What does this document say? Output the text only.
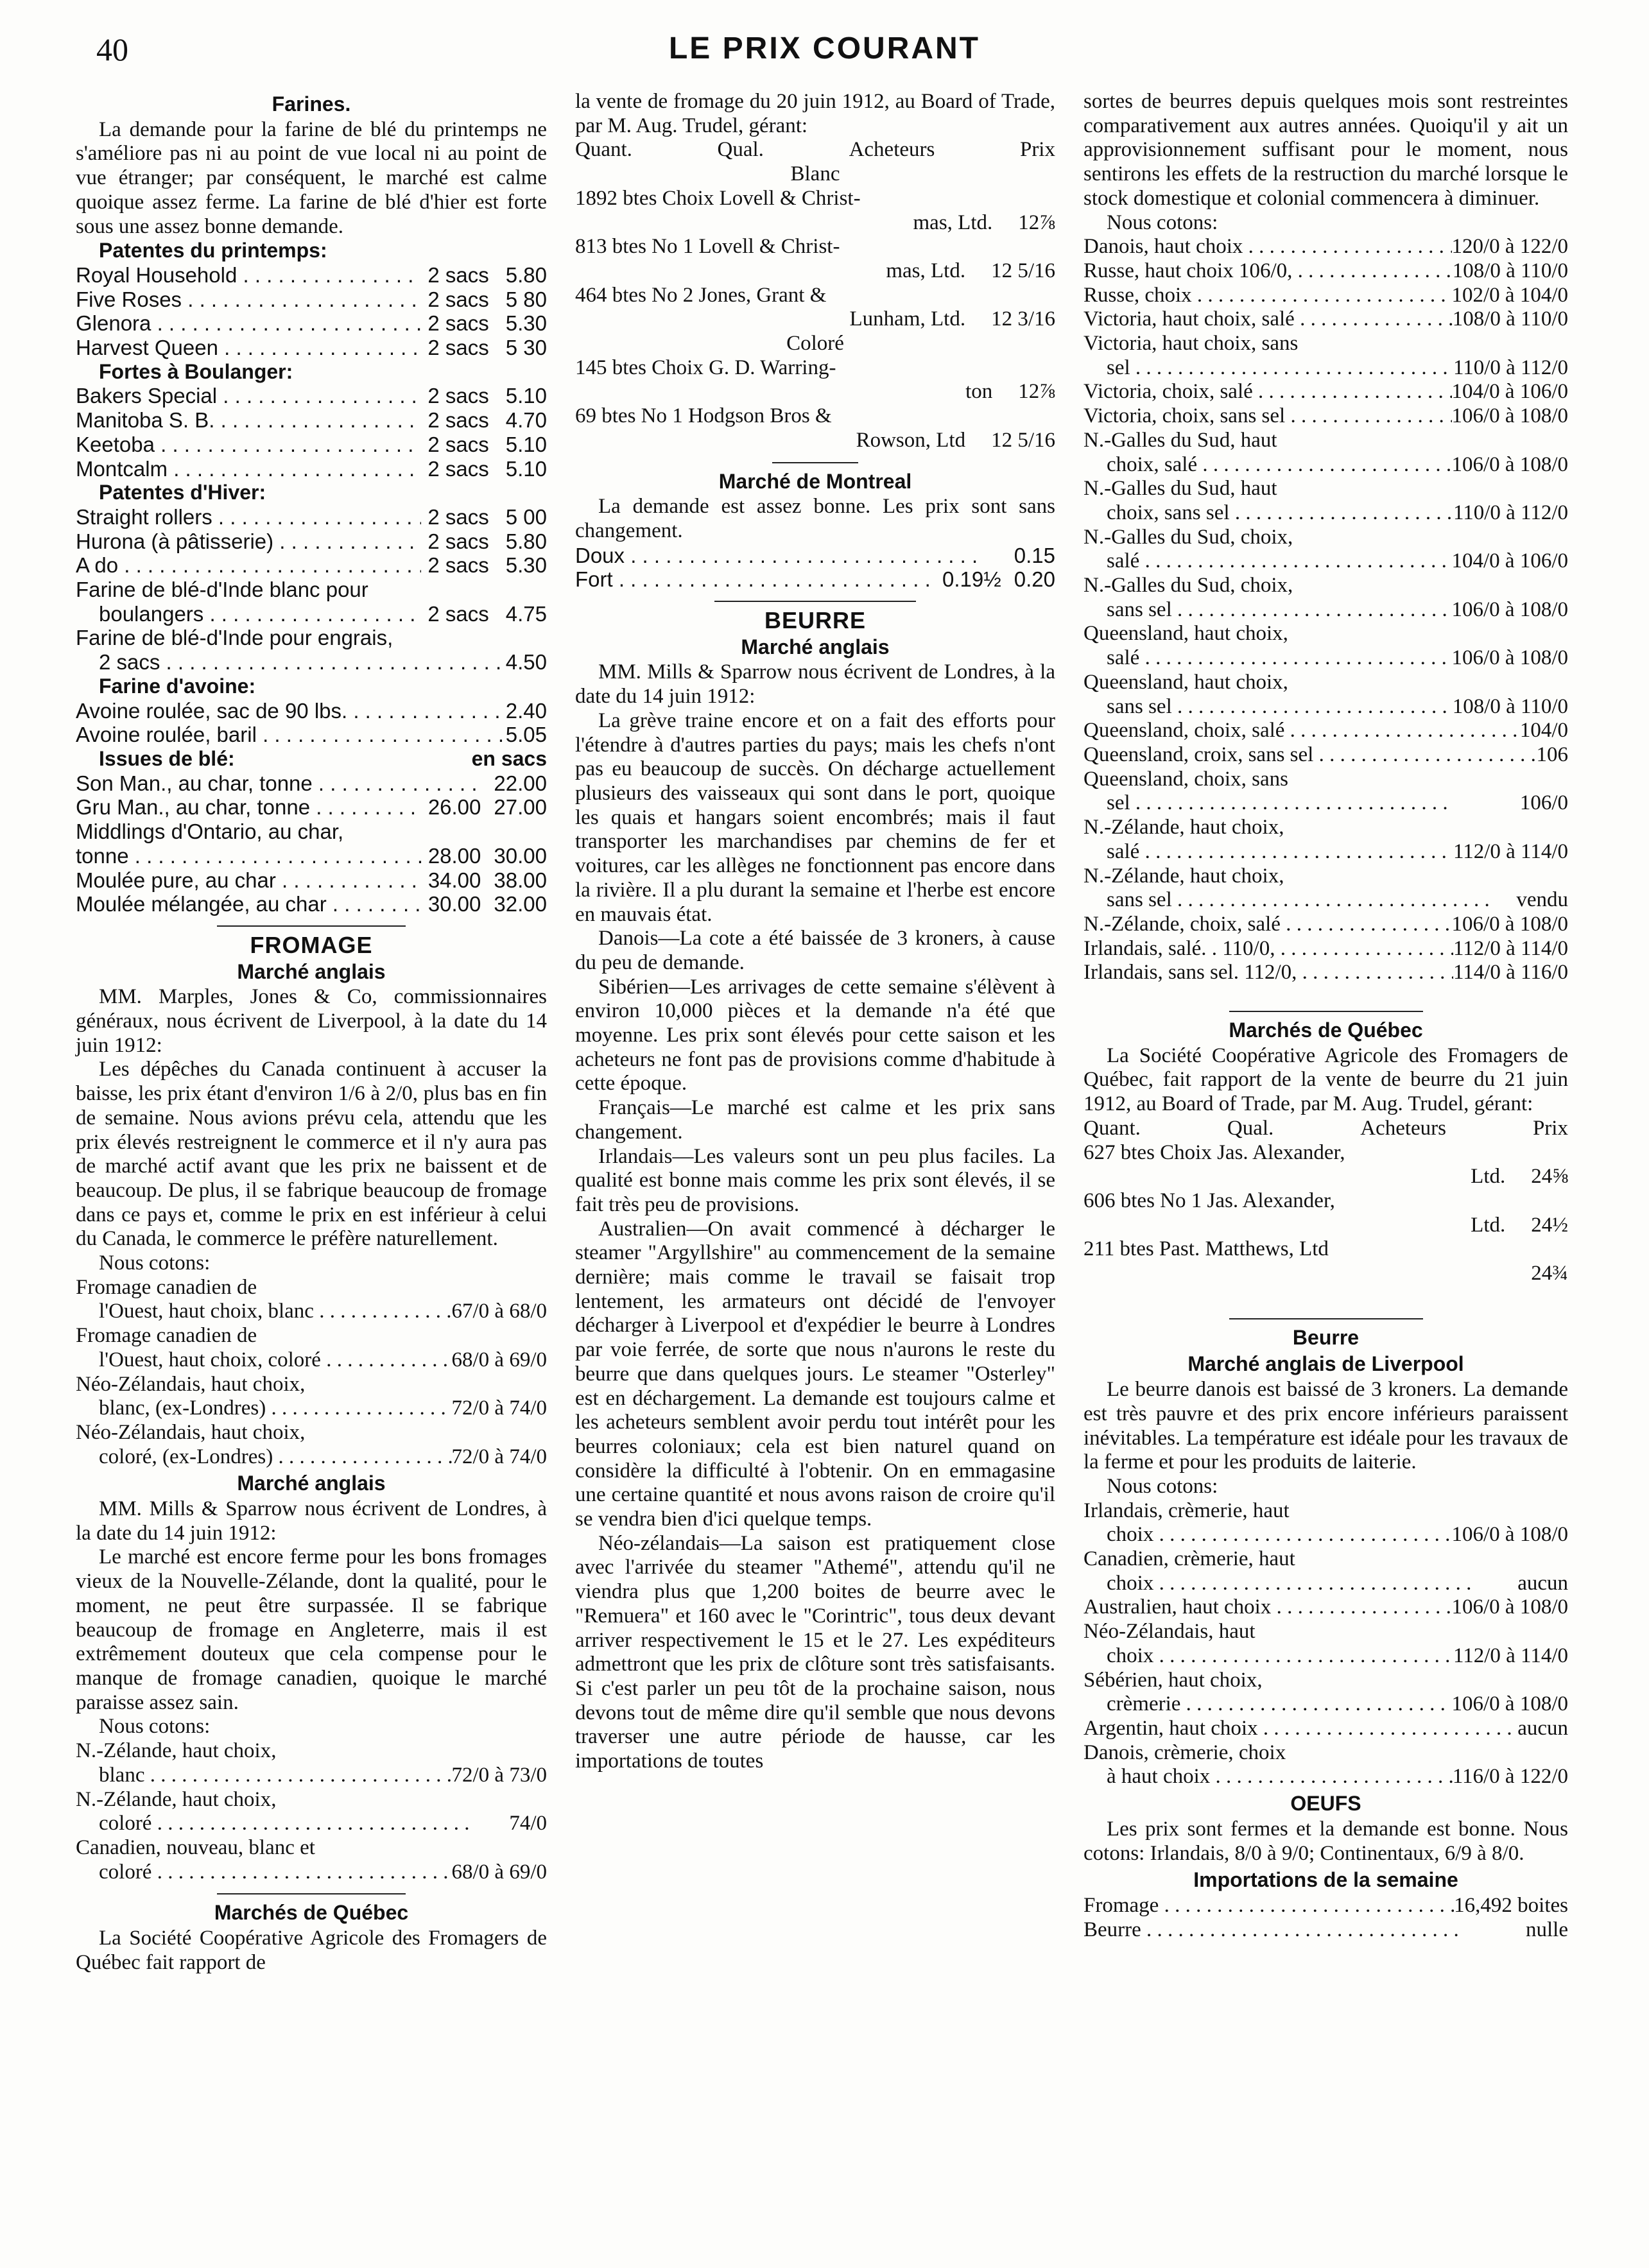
40	LE PRIX COURANT
Farines.

La demande pour la farine de blé du printemps ne s'améliore pas ni au point de vue local ni au point de vue étranger; par conséquent, le marché est calme quoique assez ferme. La farine de blé d'hier est forte sous une assez bonne demande.

Patentes du printemps:
Royal Household . . .	2 sacs 5.80
Five Roses . . .	2 sacs 5 80
Glenora . . .	2 sacs 5.30
Harvest Queen . . .	2 sacs 5 30
Fortes à Boulanger:
Bakers Special . . .	2 sacs 5.10
Manitoba S. B. . . .	2 sacs 4.70
Keetoba . . .	2 sacs 5.10
Montcalm . . .	2 sacs 5.10
Patentes d'Hiver:
Straight rollers . . .	2 sacs 5 00
Hurona (à pâtisserie) . . .	2 sacs 5.80
A do . . .	2 sacs 5.30
Farine de blé-d'Inde blanc pour
boulangers . . .	2 sacs 4.75
Farine de blé-d'Inde pour engrais,
2 sacs . . .	4.50
Farine d'avoine:
Avoine roulée, sac de 90 lbs. . . .	2.40
Avoine roulée, baril . . .	5.05
Issues de blé:	en sacs
Son Man., au char, tonne . . .	22.00
Gru Man., au char, tonne . . .	26.00 27.00
Middlings d'Ontario, au char,
tonne . . .	28.00 30.00
Moulée pure, au char . . .	34.00 38.00
Moulée mélangée, au char . . .	30.00 32.00
FROMAGE
Marché anglais

MM. Marples, Jones & Co, commissionnaires généraux, nous écrivent de Liverpool, à la date du 14 juin 1912:

Les dépêches du Canada continuent à accuser la baisse, les prix étant d'environ 1/6 à 2/0, plus bas en fin de semaine. Nous avions prévu cela, attendu que les prix élevés restreignent le commerce et il n'y aura pas de marché actif avant que les prix ne baissent et de beaucoup. De plus, il se fabrique beaucoup de fromage dans ce pays et, comme le prix en est inférieur à celui du Canada, le commerce le préfère naturellement.

Nous cotons:

Fromage canadien de
l'Ouest, haut choix, blanc . . .	67/0 à 68/0
Fromage canadien de
l'Ouest, haut choix, coloré . . .	68/0 à 69/0
Néo-Zélandais, haut choix,
blanc, (ex-Londres) . . .	72/0 à 74/0
Néo-Zélandais, haut choix,
coloré, (ex-Londres) . . .	72/0 à 74/0
Marché anglais

MM. Mills & Sparrow nous écrivent de Londres, à la date du 14 juin 1912:

Le marché est encore ferme pour les bons fromages vieux de la Nouvelle-Zélande, dont la qualité, pour le moment, ne peut être surpassée. Il se fabrique beaucoup de fromage en Angleterre, mais il est extrêmement douteux que cela compense pour le manque de fromage canadien, quoique le marché paraisse assez sain.

Nous cotons:

N.-Zélande, haut choix,
blanc . . .	72/0 à 73/0
N.-Zélande, haut choix,
coloré . . .	74/0
Canadien, nouveau, blanc et
coloré . . .	68/0 à 69/0
Marchés de Québec

La Société Coopérative Agricole des Fromagers de Québec fait rapport de

la vente de fromage du 20 juin 1912, au Board of Trade, par M. Aug. Trudel, gérant:

Quant.	Qual.	Acheteurs	Prix
Blanc
1892 btes Choix Lovell & Christ-
mas, Ltd.	12⅞
813 btes No 1 Lovell & Christ-
mas, Ltd.	12 5/16
464 btes No 2 Jones, Grant &
Lunham, Ltd.	12 3/16
Coloré
145 btes Choix G. D. Warring-
ton	12⅞
69 btes No 1 Hodgson Bros &
Rowson, Ltd	12 5/16
Marché de Montreal

La demande est assez bonne. Les prix sont sans changement.

Doux . . .	0.15
Fort . . .	0.19½ 0.20
BEURRE
Marché anglais

MM. Mills & Sparrow nous écrivent de Londres, à la date du 14 juin 1912:

La grève traine encore et on a fait des efforts pour l'étendre à d'autres parties du pays; mais les chefs n'ont pas eu beaucoup de succès. On décharge actuellement plusieurs des vaisseaux qui sont dans le port, quoique les quais et hangars soient encombrés; mais il faut transporter les marchandises par chemins de fer et voitures, car les allèges ne fonctionnent pas encore dans la rivière. Il a plu durant la semaine et l'herbe est encore en mauvais état.

Danois—La cote a été baissée de 3 kroners, à cause du peu de demande.

Sibérien—Les arrivages de cette semaine s'élèvent à environ 10,000 pièces et la demande n'a été que moyenne. Les prix sont élevés pour cette saison et les acheteurs ne font pas de provisions comme d'habitude à cette époque.

Français—Le marché est calme et les prix sans changement.

Irlandais—Les valeurs sont un peu plus faciles. La qualité est bonne mais comme les prix sont élevés, il se fait très peu de provisions.

Australien—On avait commencé à décharger le steamer "Argyllshire" au commencement de la semaine dernière; mais comme le travail se faisait trop lentement, les armateurs ont décidé de l'envoyer décharger à Liverpool et d'expédier le beurre à Londres par voie ferrée, de sorte que nous n'aurons le reste du beurre que dans quelques jours. Le steamer "Osterley" est en déchargement. La demande est toujours calme et les acheteurs semblent avoir perdu tout intérêt pour les beurres coloniaux; cela est bien naturel quand on considère la difficulté à l'obtenir. On en emmagasine une certaine quantité et nous avons raison de croire qu'il se vendra bien d'ici quelque temps.

Néo-zélandais—La saison est pratiquement close avec l'arrivée du steamer "Athemé", attendu qu'il ne viendra plus que 1,200 boites de beurre avec le "Remuera" et 160 avec le "Corintric", tous deux devant arriver respectivement le 15 et le 27. Les expéditeurs admettront que les prix de clôture sont très satisfaisants. Si c'est parler un peu tôt de la prochaine saison, nous devons tout de même dire qu'il semble que nous devons traverser une autre période de hausse, car les importations de toutes

sortes de beurres depuis quelques mois sont restreintes comparativement aux autres années. Quoiqu'il y ait un approvisionnement suffisant pour le moment, nous sentirons les effets de la restruction du marché lorsque le stock domestique et colonial commencera à diminuer.

Nous cotons:

Danois, haut choix . . .	120/0 à 122/0
Russe, haut choix 106/0, . . .	108/0 à 110/0
Russe, choix . . .	102/0 à 104/0
Victoria, haut choix, salé . . .	108/0 à 110/0
Victoria, haut choix, sans
sel . . .	110/0 à 112/0
Victoria, choix, salé . . .	104/0 à 106/0
Victoria, choix, sans sel . . .	106/0 à 108/0
N.-Galles du Sud, haut
choix, salé . . .	106/0 à 108/0
N.-Galles du Sud, haut
choix, sans sel . . .	110/0 à 112/0
N.-Galles du Sud, choix,
salé . . .	104/0 à 106/0
N.-Galles du Sud, choix,
sans sel . . .	106/0 à 108/0
Queensland, haut choix,
salé . . .	106/0 à 108/0
Queensland, haut choix,
sans sel . . .	108/0 à 110/0
Queensland, choix, salé . . .	104/0
Queensland, croix, sans sel . . .	106
Queensland, choix, sans
sel . . .	106/0
N.-Zélande, haut choix,
salé . . .	112/0 à 114/0
N.-Zélande, haut choix,
sans sel . . .	vendu
N.-Zélande, choix, salé . . .	106/0 à 108/0
Irlandais, salé. . 110/0, . . .	112/0 à 114/0
Irlandais, sans sel. 112/0, . . .	114/0 à 116/0
Marchés de Québec

La Société Coopérative Agricole des Fromagers de Québec, fait rapport de la vente de beurre du 21 juin 1912, au Board of Trade, par M. Aug. Trudel, gérant:

Quant.	Qual.	Acheteurs	Prix
627 btes Choix Jas. Alexander,
Ltd.	24⅝
606 btes No 1 Jas. Alexander,
Ltd.	24½
211 btes Past. Matthews, Ltd
24¾
Beurre
Marché anglais de Liverpool

Le beurre danois est baissé de 3 kroners. La demande est très pauvre et des prix encore inférieurs paraissent inévitables. La température est idéale pour les travaux de la ferme et pour les produits de laiterie.

Nous cotons:

Irlandais, crèmerie, haut
choix . . .	106/0 à 108/0
Canadien, crèmerie, haut
choix . . .	aucun
Australien, haut choix . . .	106/0 à 108/0
Néo-Zélandais, haut
choix . . .	112/0 à 114/0
Sébérien, haut choix,
crèmerie . . .	106/0 à 108/0
Argentin, haut choix . . .	aucun
Danois, crèmerie, choix
à haut choix . . .	116/0 à 122/0
OEUFS

Les prix sont fermes et la demande est bonne. Nous cotons: Irlandais, 8/0 à 9/0; Continentaux, 6/9 à 8/0.

Importations de la semaine
Fromage . . .	16,492 boites
Beurre . . .	nulle
